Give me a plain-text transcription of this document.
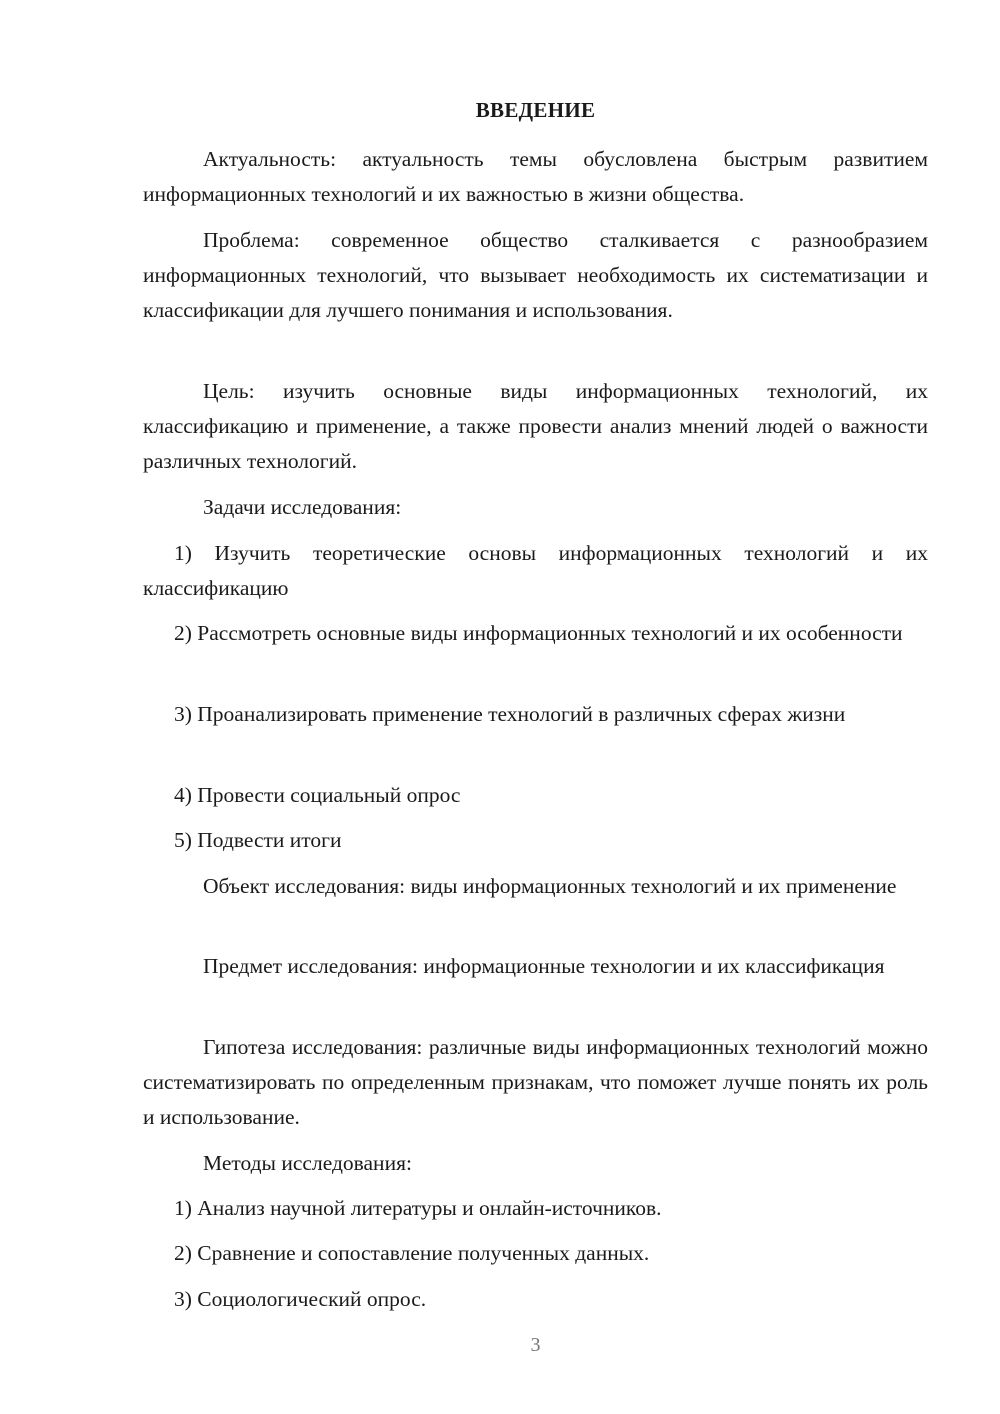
ВВЕДЕНИЕ

Актуальность: актуальность темы обусловлена быстрым развитием информационных технологий и их важностью в жизни общества.

Проблема: современное общество сталкивается с разнообразием информационных технологий, что вызывает необходимость их систематизации и классификации для лучшего понимания и использования.

Цель: изучить основные виды информационных технологий, их классификацию и применение, а также провести анализ мнений людей о важности различных технологий.

Задачи исследования:

1) Изучить теоретические основы информационных технологий и их классификацию

2) Рассмотреть основные виды информационных технологий и их особенности

3) Проанализировать применение технологий в различных сферах жизни

4) Провести социальный опрос

5) Подвести итоги

Объект исследования: виды информационных технологий и их применение

Предмет исследования: информационные технологии и их классификация

Гипотеза исследования: различные виды информационных технологий можно систематизировать по определенным признакам, что поможет лучше понять их роль и использование.

Методы исследования:

1) Анализ научной литературы и онлайн-источников.

2) Сравнение и сопоставление полученных данных.

3) Социологический опрос.

3
